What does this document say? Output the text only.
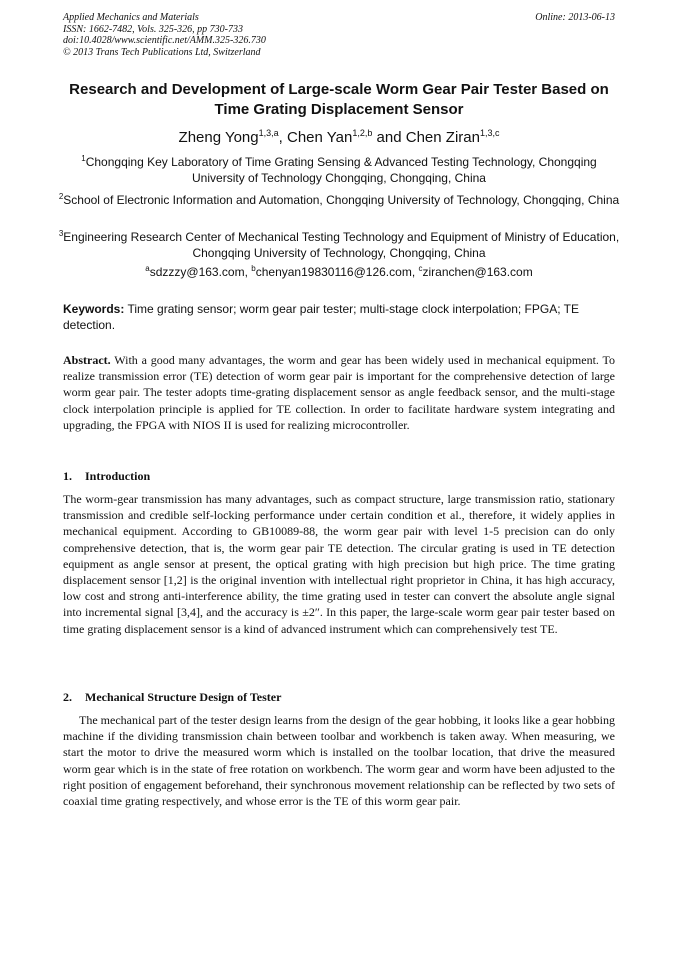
Applied Mechanics and Materials
ISSN: 1662-7482, Vols. 325-326, pp 730-733
doi:10.4028/www.scientific.net/AMM.325-326.730
© 2013 Trans Tech Publications Ltd, Switzerland
Online: 2013-06-13
Research and Development of Large-scale Worm Gear Pair Tester Based on Time Grating Displacement Sensor
Zheng Yong$^{1,3,a}$, Chen Yan$^{1,2,b}$ and Chen Ziran$^{1,3,c}$
$^1$Chongqing Key Laboratory of Time Grating Sensing & Advanced Testing Technology, Chongqing University of Technology Chongqing, Chongqing, China
$^2$School of Electronic Information and Automation, Chongqing University of Technology, Chongqing, China
$^3$Engineering Research Center of Mechanical Testing Technology and Equipment of Ministry of Education, Chongqing University of Technology, Chongqing, China
$^a$sdzzzy@163.com, $^b$chenyan19830116@126.com, $^c$ziranchen@163.com
Keywords: Time grating sensor; worm gear pair tester; multi-stage clock interpolation; FPGA; TE detection.
Abstract. With a good many advantages, the worm and gear has been widely used in mechanical equipment. To realize transmission error (TE) detection of worm gear pair is important for the comprehensive detection of large worm gear pair. The tester adopts time-grating displacement sensor as angle feedback sensor, and the multi-stage clock interpolation principle is applied for TE collection. In order to facilitate hardware system integrating and upgrading, the FPGA with NIOS II is used for realizing microcontroller.
1. Introduction
The worm-gear transmission has many advantages, such as compact structure, large transmission ratio, stationary transmission and credible self-locking performance under certain condition et al., therefore, it widely applies in mechanical equipment. According to GB10089-88, the worm gear pair with level 1-5 precision can do only comprehensive detection, that is, the worm gear pair TE detection. The circular grating is used in TE detection equipment as angle sensor at present, the optical grating with high precision but high price. The time grating displacement sensor [1,2] is the original invention with intellectual right proprietor in China, it has high accuracy, low cost and strong anti-interference ability, the time grating used in tester can convert the absolute angle signal into incremental signal [3,4], and the accuracy is ±2″. In this paper, the large-scale worm gear pair tester based on time grating displacement sensor is a kind of advanced instrument which can comprehensively test TE.
2. Mechanical Structure Design of Tester
The mechanical part of the tester design learns from the design of the gear hobbing, it looks like a gear hobbing machine if the dividing transmission chain between toolbar and workbench is taken away. When measuring, we start the motor to drive the measured worm which is installed on the toolbar location, that drive the measured worm gear which is in the state of free rotation on workbench. The worm gear and worm have been adjusted to the right position of engagement beforehand, their synchronous movement relationship can be reflected by two sets of coaxial time grating respectively, and whose error is the TE of this worm gear pair.
